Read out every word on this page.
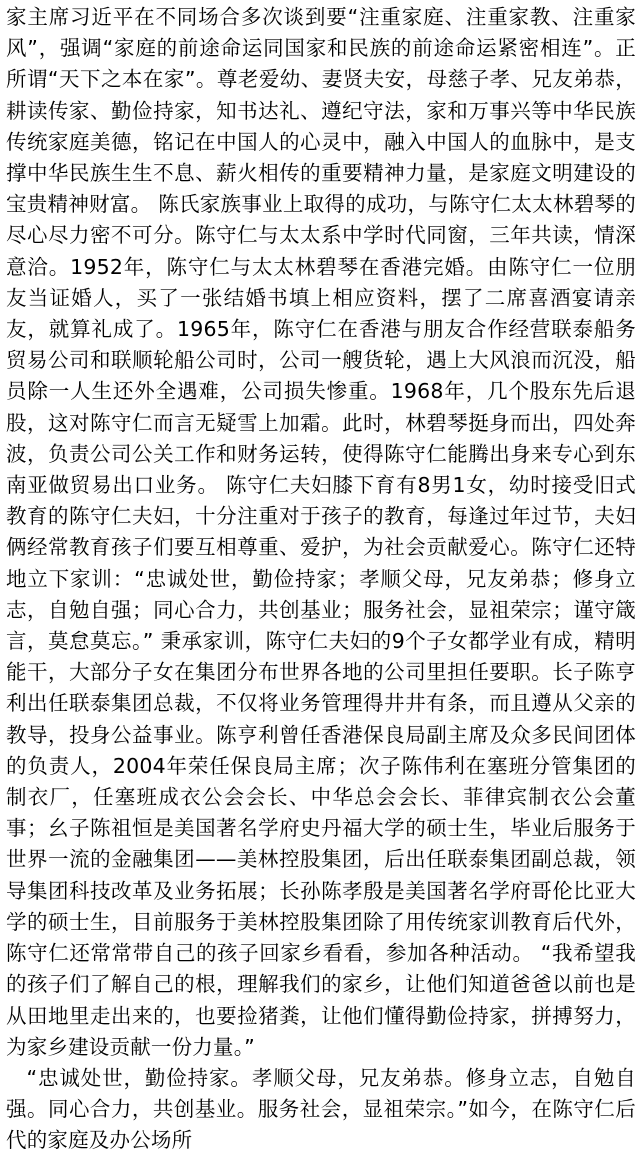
家主席习近平在不同场合多次谈到要“注重家庭、注重家教、注重家风”，强调“家庭的前途命运同国家和民族的前途命运紧密相连”。正所谓“天下之本在家”。尊老爱幼、妻贤夫安，母慈子孝、兄友弟恭，耕读传家、勤俭持家，知书达礼、遵纪守法，家和万事兴等中华民族传统家庭美德，铭记在中国人的心灵中，融入中国人的血脉中，是支撑中华民族生生不息、薪火相传的重要精神力量，是家庭文明建设的宝贵精神财富。 陈氏家族事业上取得的成功，与陈守仁太太林碧琴的尽心尽力密不可分。陈守仁与太太系中学时代同窗，三年共读，情深意洽。1952年，陈守仁与太太林碧琴在香港完婚。由陈守仁一位朋友当证婚人，买了一张结婚书填上相应资料，摆了二席喜酒宴请亲友，就算礼成了。1965年，陈守仁在香港与朋友合作经营联泰船务贸易公司和联顺轮船公司时，公司一艘货轮，遇上大风浪而沉没，船员除一人生还外全遇难，公司损失惨重。1968年，几个股东先后退股，这对陈守仁而言无疑雪上加霜。此时，林碧琴挺身而出，四处奔波，负责公司公关工作和财务运转，使得陈守仁能腾出身来专心到东南亚做贸易出口业务。 陈守仁夫妇膝下育有8男1女，幼时接受旧式教育的陈守仁夫妇，十分注重对于孩子的教育，每逢过年过节，夫妇俩经常教育孩子们要互相尊重、爱护，为社会贡献爱心。陈守仁还特地立下家训：“忠诚处世，勤俭持家；孝顺父母，兄友弟恭；修身立志，自勉自强；同心合力，共创基业；服务社会，显祖荣宗；谨守箴言，莫怠莫忘。” 秉承家训，陈守仁夫妇的9个子女都学业有成，精明能干，大部分子女在集团分布世界各地的公司里担任要职。长子陈亨利出任联泰集团总裁，不仅将业务管理得井井有条，而且遵从父亲的教导，投身公益事业。陈亨利曾任香港保良局副主席及众多民间团体的负责人，2004年荣任保良局主席；次子陈伟利在塞班分管集团的制衣厂，任塞班成衣公会会长、中华总会会长、菲律宾制衣公会董事；幺子陈祖恒是美国著名学府史丹福大学的硕士生，毕业后服务于世界一流的金融集团——美林控股集团，后出任联泰集团副总裁，领导集团科技改革及业务拓展；长孙陈孝殷是美国著名学府哥伦比亚大学的硕士生，目前服务于美林控股集团除了用传统家训教育后代外，陈守仁还常常带自己的孩子回家乡看看，参加各种活动。 “我希望我的孩子们了解自己的根，理解我们的家乡，让他们知道爸爸以前也是从田地里走出来的，也要捡猪粪，让他们懂得勤俭持家，拼搏努力，为家乡建设贡献一份力量。”

“忠诚处世，勤俭持家。孝顺父母，兄友弟恭。修身立志，自勉自强。同心合力，共创基业。服务社会，显祖荣宗。”如今，在陈守仁后代的家庭及办公场所
